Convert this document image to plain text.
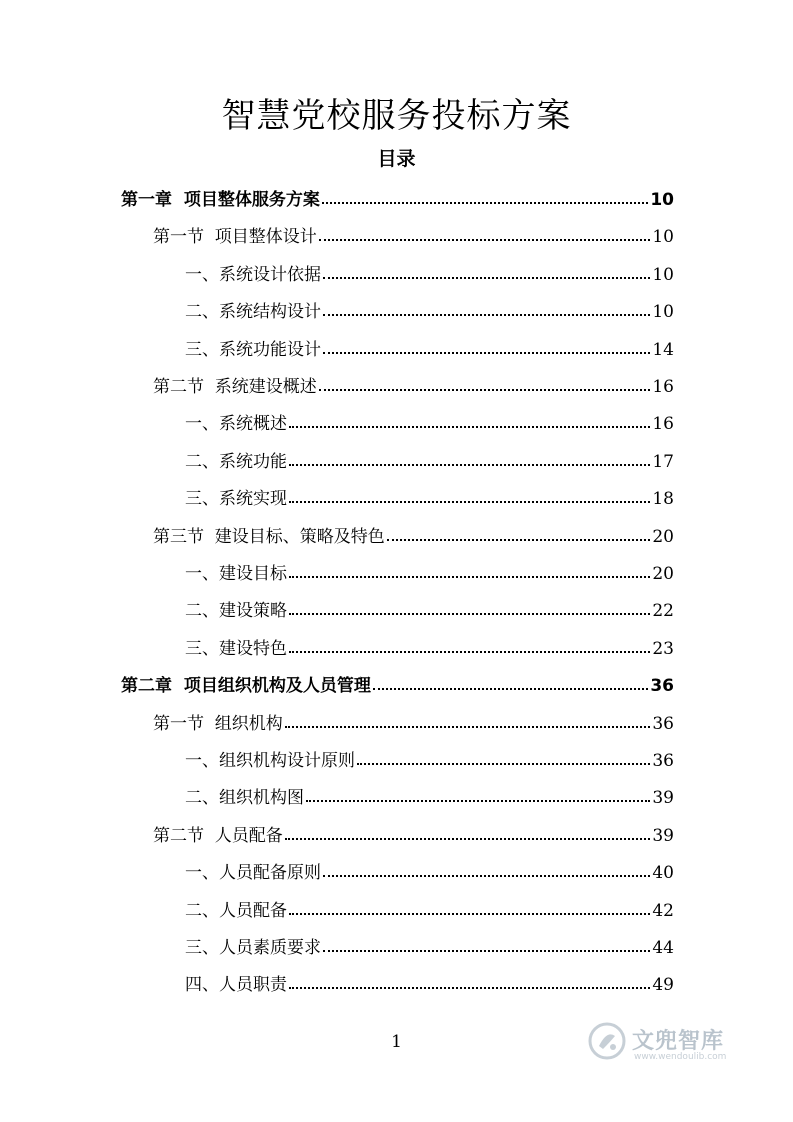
智慧党校服务投标方案
目录
第一章  项目整体服务方案	10
第一节  项目整体设计	10
一、系统设计依据	10
二、系统结构设计	10
三、系统功能设计	14
第二节  系统建设概述	16
一、系统概述	16
二、系统功能	17
三、系统实现	18
第三节  建设目标、策略及特色	20
一、建设目标	20
二、建设策略	22
三、建设特色	23
第二章  项目组织机构及人员管理	36
第一节  组织机构	36
一、组织机构设计原则	36
二、组织机构图	39
第二节  人员配备	39
一、人员配备原则	40
二、人员配备	42
三、人员素质要求	44
四、人员职责	49
1	文兜智库
www.wendoulib.com
